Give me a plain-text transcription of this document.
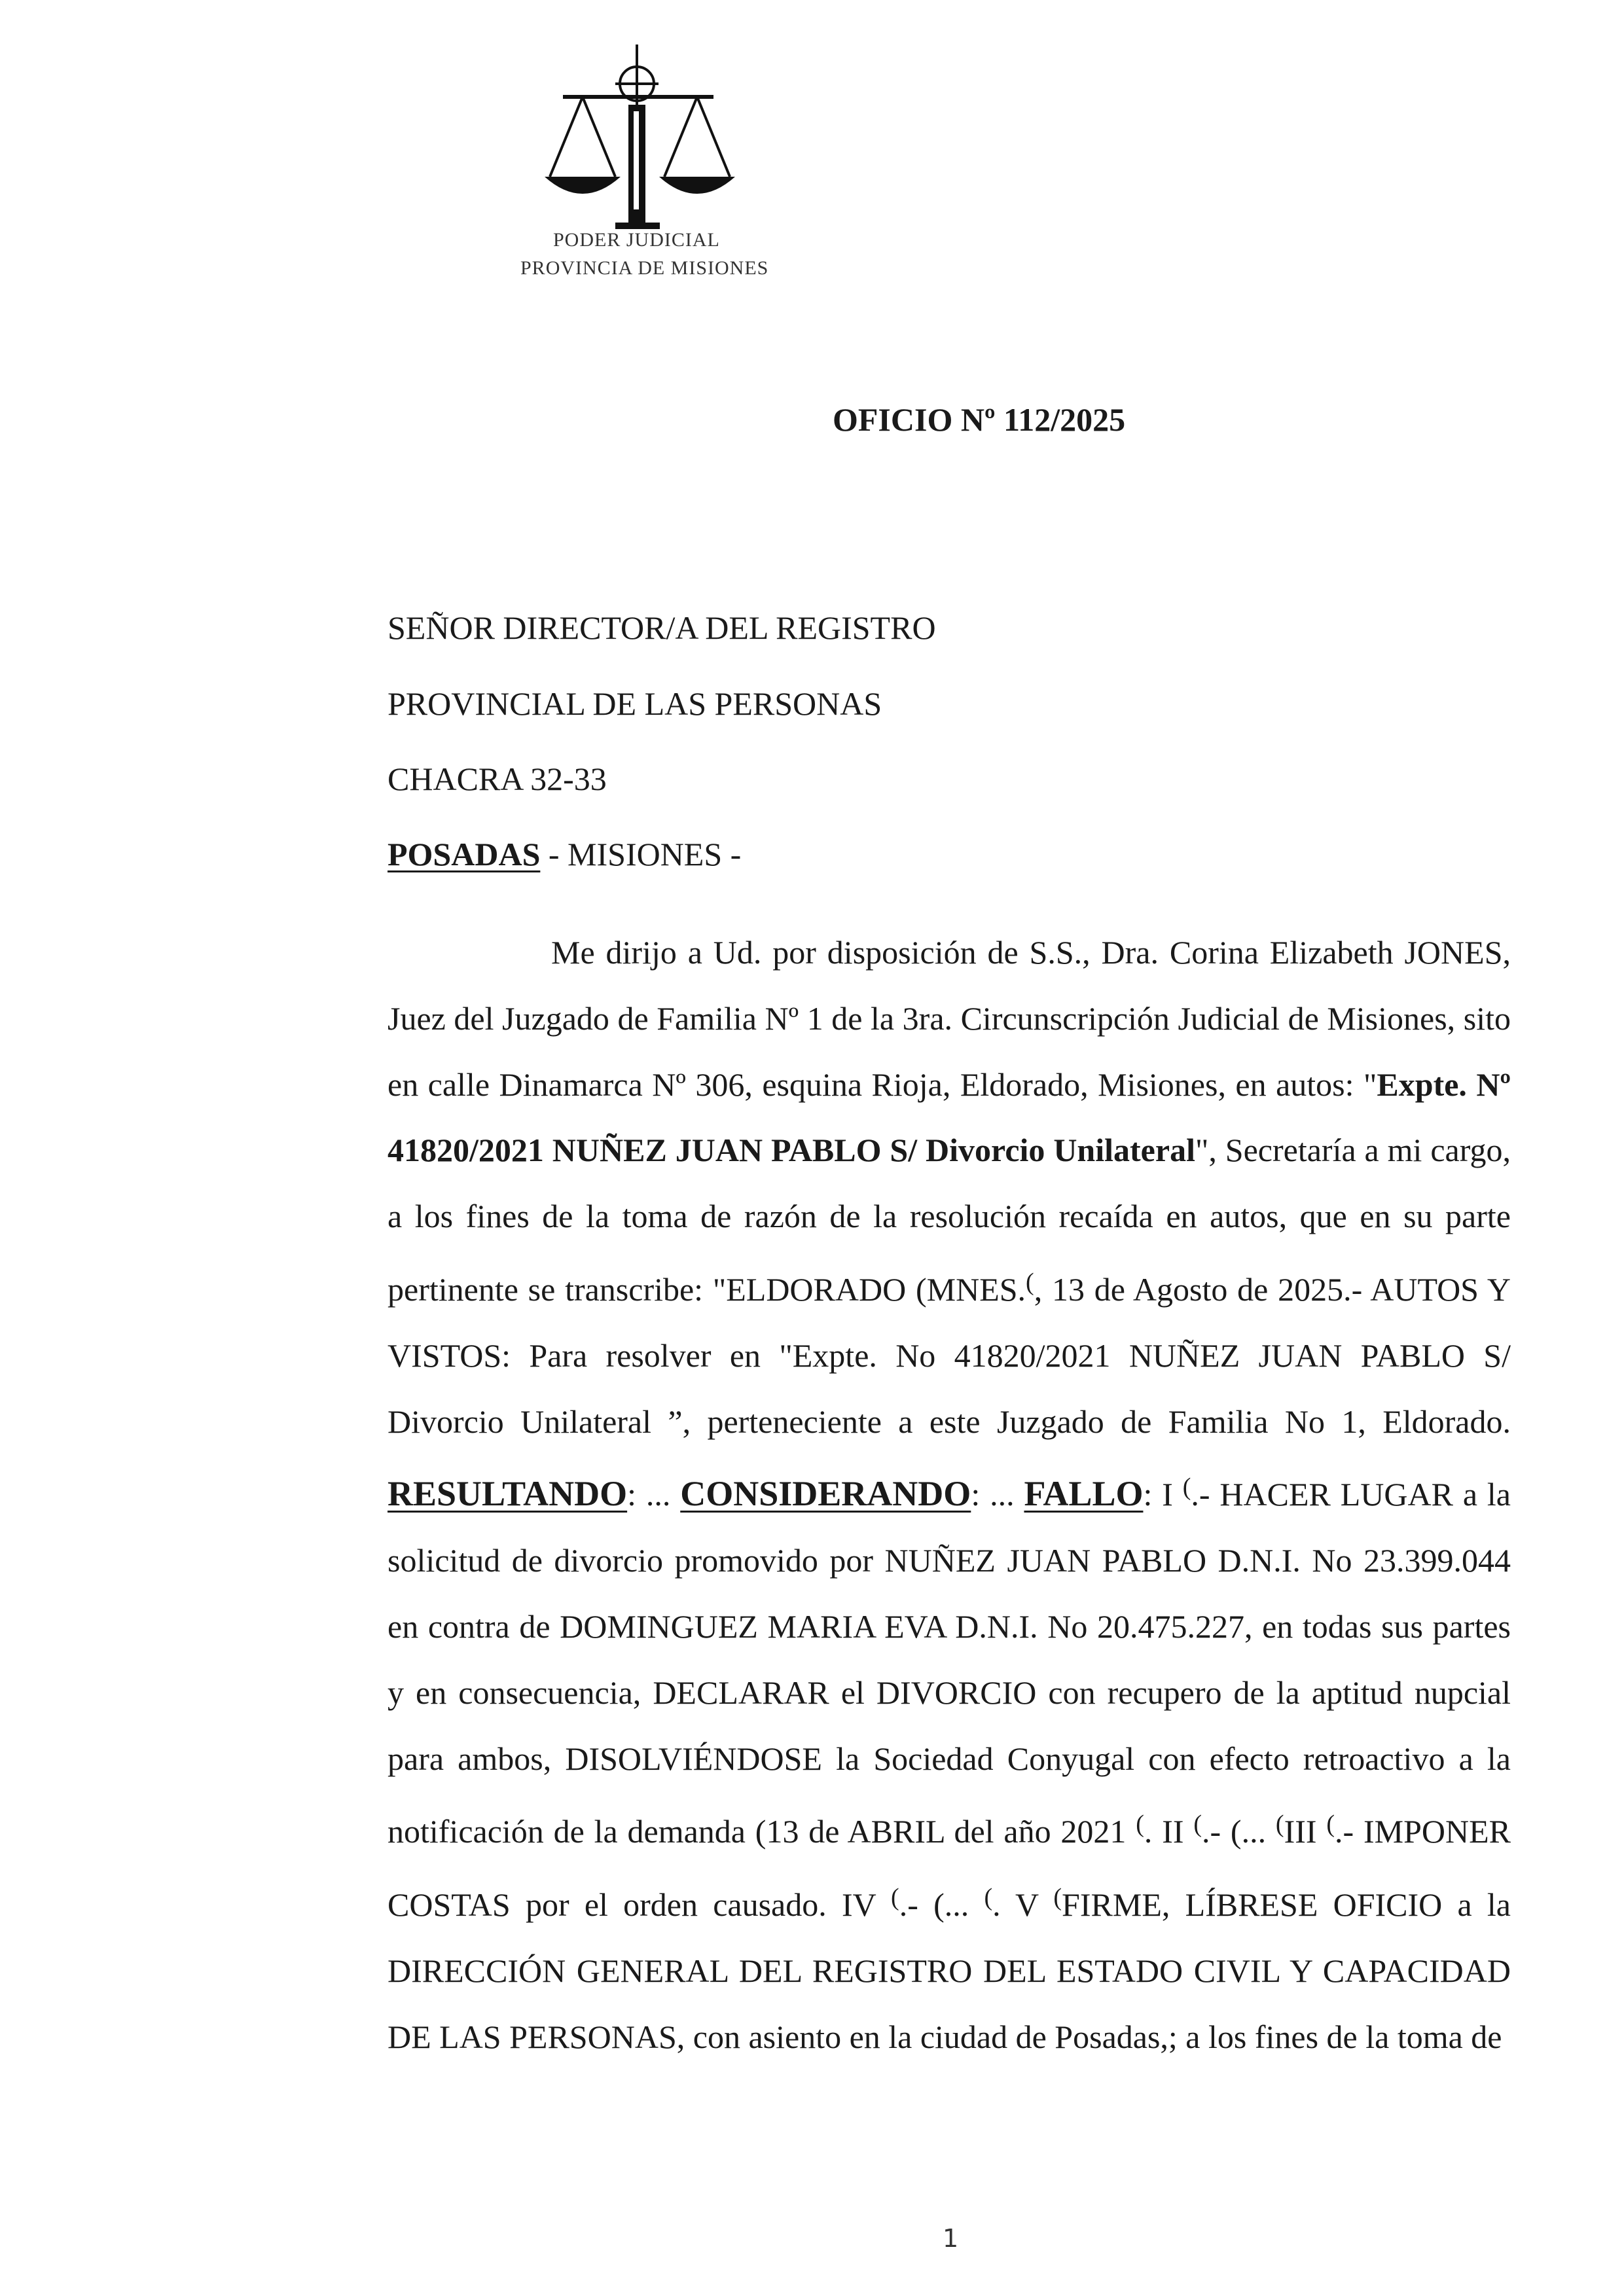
PODER JUDICIAL
PROVINCIA DE MISIONES
OFICIO Nº 112/2025
SEÑOR DIRECTOR/A DEL REGISTRO
PROVINCIAL DE LAS PERSONAS
CHACRA 32-33
POSADAS - MISIONES -
Me dirijo a Ud. por disposición de S.S., Dra. Corina Elizabeth JONES, Juez del Juzgado de Familia Nº 1 de la 3ra. Circunscripción Judicial de Misiones, sito en calle Dinamarca Nº 306, esquina Rioja, Eldorado, Misiones, en autos: "Expte. Nº 41820/2021 NUÑEZ JUAN PABLO S/ Divorcio Unilateral", Secretaría a mi cargo, a los fines de la toma de razón de la resolución recaída en autos, que en su parte pertinente se transcribe: "ELDORADO (MNES.(, 13 de Agosto de 2025.- AUTOS Y VISTOS: Para resolver en "Expte. No 41820/2021 NUÑEZ JUAN PABLO S/ Divorcio Unilateral ”, perteneciente a este Juzgado de Familia No 1, Eldorado. RESULTANDO: ... CONSIDERANDO: ... FALLO: I (.- HACER LUGAR a la solicitud de divorcio promovido por NUÑEZ JUAN PABLO D.N.I. No 23.399.044 en contra de DOMINGUEZ MARIA EVA D.N.I. No 20.475.227, en todas sus partes y en consecuencia, DECLARAR el DIVORCIO con recupero de la aptitud nupcial para ambos, DISOLVIÉNDOSE la Sociedad Conyugal con efecto retroactivo a la notificación de la demanda (13 de ABRIL del año 2021 (. II (.- (... (III (.- IMPONER COSTAS por el orden causado. IV (.- (... (. V (FIRME, LÍBRESE OFICIO a la DIRECCIÓN GENERAL DEL REGISTRO DEL ESTADO CIVIL Y CAPACIDAD DE LAS PERSONAS, con asiento en la ciudad de Posadas,; a los fines de la toma de
1
